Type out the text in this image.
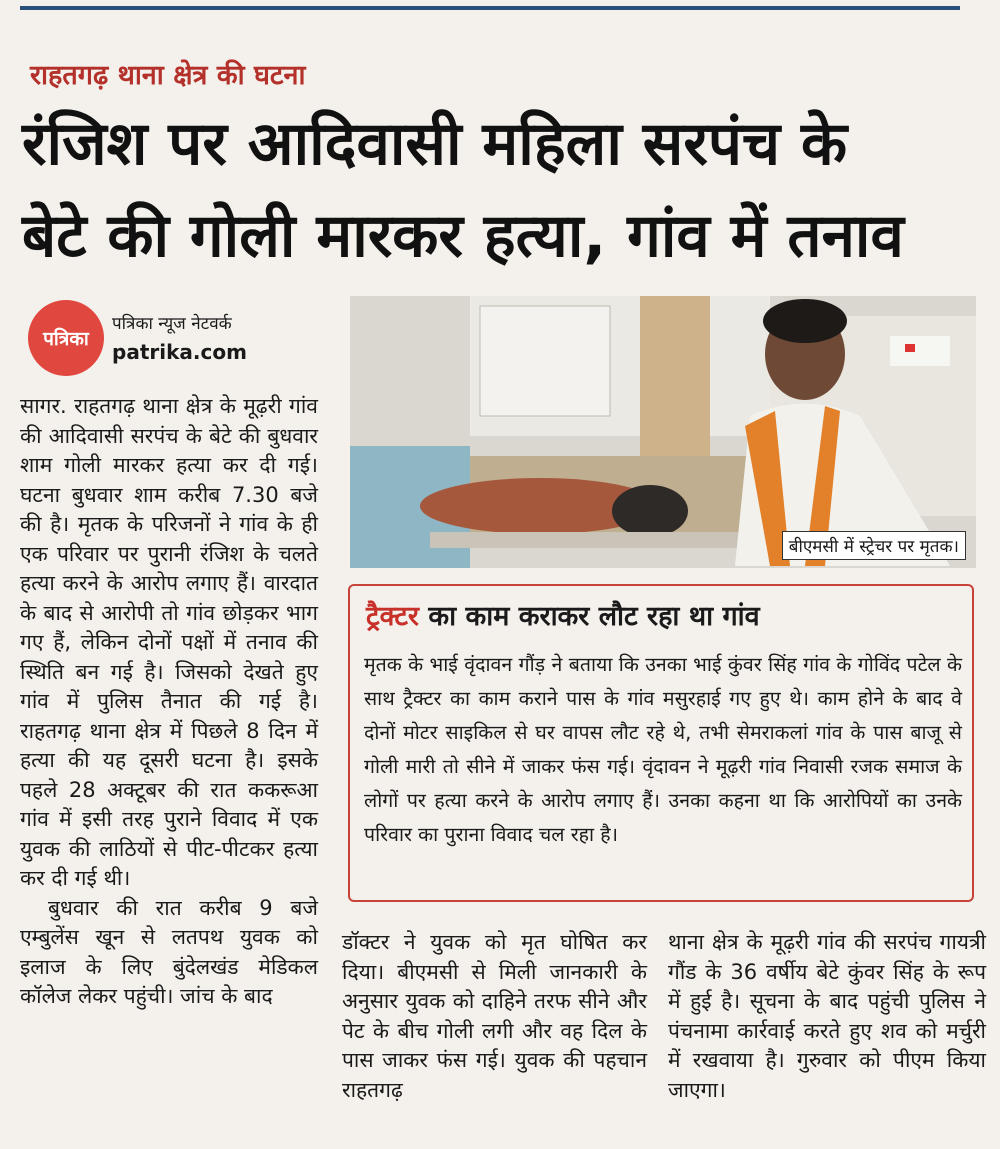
राहतगढ़ थाना क्षेत्र की घटना
रंजिश पर आदिवासी महिला सरपंच के
बेटे की गोली मारकर हत्या, गांव में तनाव
पत्रिका
पत्रिका न्यूज नेटवर्क
patrika.com

सागर. राहतगढ़ थाना क्षेत्र के मूढ़री गांव की आदिवासी सरपंच के बेटे की बुधवार शाम गोली मारकर हत्या कर दी गई। घटना बुधवार शाम करीब 7.30 बजे की है। मृतक के परिजनों ने गांव के ही एक परिवार पर पुरानी रंजिश के चलते हत्या करने के आरोप लगाए हैं। वारदात के बाद से आरोपी तो गांव छोड़कर भाग गए हैं, लेकिन दोनों पक्षों में तनाव की स्थिति बन गई है। जिसको देखते हुए गांव में पुलिस तैनात की गई है। राहतगढ़ थाना क्षेत्र में पिछले 8 दिन में हत्या की यह दूसरी घटना है। इसके पहले 28 अक्टूबर की रात ककरूआ गांव में इसी तरह पुराने विवाद में एक युवक की लाठियों से पीट-पीटकर हत्या कर दी गई थी।

बुधवार की रात करीब 9 बजे एम्बुलेंस खून से लतपथ युवक को इलाज के लिए बुंदेलखंड मेडिकल कॉलेज लेकर पहुंची। जांच के बाद

बीएमसी में स्ट्रेचर पर मृतक।
ट्रैक्टर का काम कराकर लौट रहा था गांव
मृतक के भाई वृंदावन गौंड़ ने बताया कि उनका भाई कुंवर सिंह गांव के गोविंद पटेल के साथ ट्रैक्टर का काम कराने पास के गांव मसुरहाई गए हुए थे। काम होने के बाद वे दोनों मोटर साइकिल से घर वापस लौट रहे थे, तभी सेमराकलां गांव के पास बाजू से गोली मारी तो सीने में जाकर फंस गई। वृंदावन ने मूढ़री गांव निवासी रजक समाज के लोगों पर हत्या करने के आरोप लगाए हैं। उनका कहना था कि आरोपियों का उनके परिवार का पुराना विवाद चल रहा है।

डॉक्टर ने युवक को मृत घोषित कर दिया। बीएमसी से मिली जानकारी के अनुसार युवक को दाहिने तरफ सीने और पेट के बीच गोली लगी और वह दिल के पास जाकर फंस गई। युवक की पहचान राहतगढ़

थाना क्षेत्र के मूढ़री गांव की सरपंच गायत्री गौंड के 36 वर्षीय बेटे कुंवर सिंह के रूप में हुई है। सूचना के बाद पहुंची पुलिस ने पंचनामा कार्रवाई करते हुए शव को मर्चुरी में रखवाया है। गुरुवार को पीएम किया जाएगा।
